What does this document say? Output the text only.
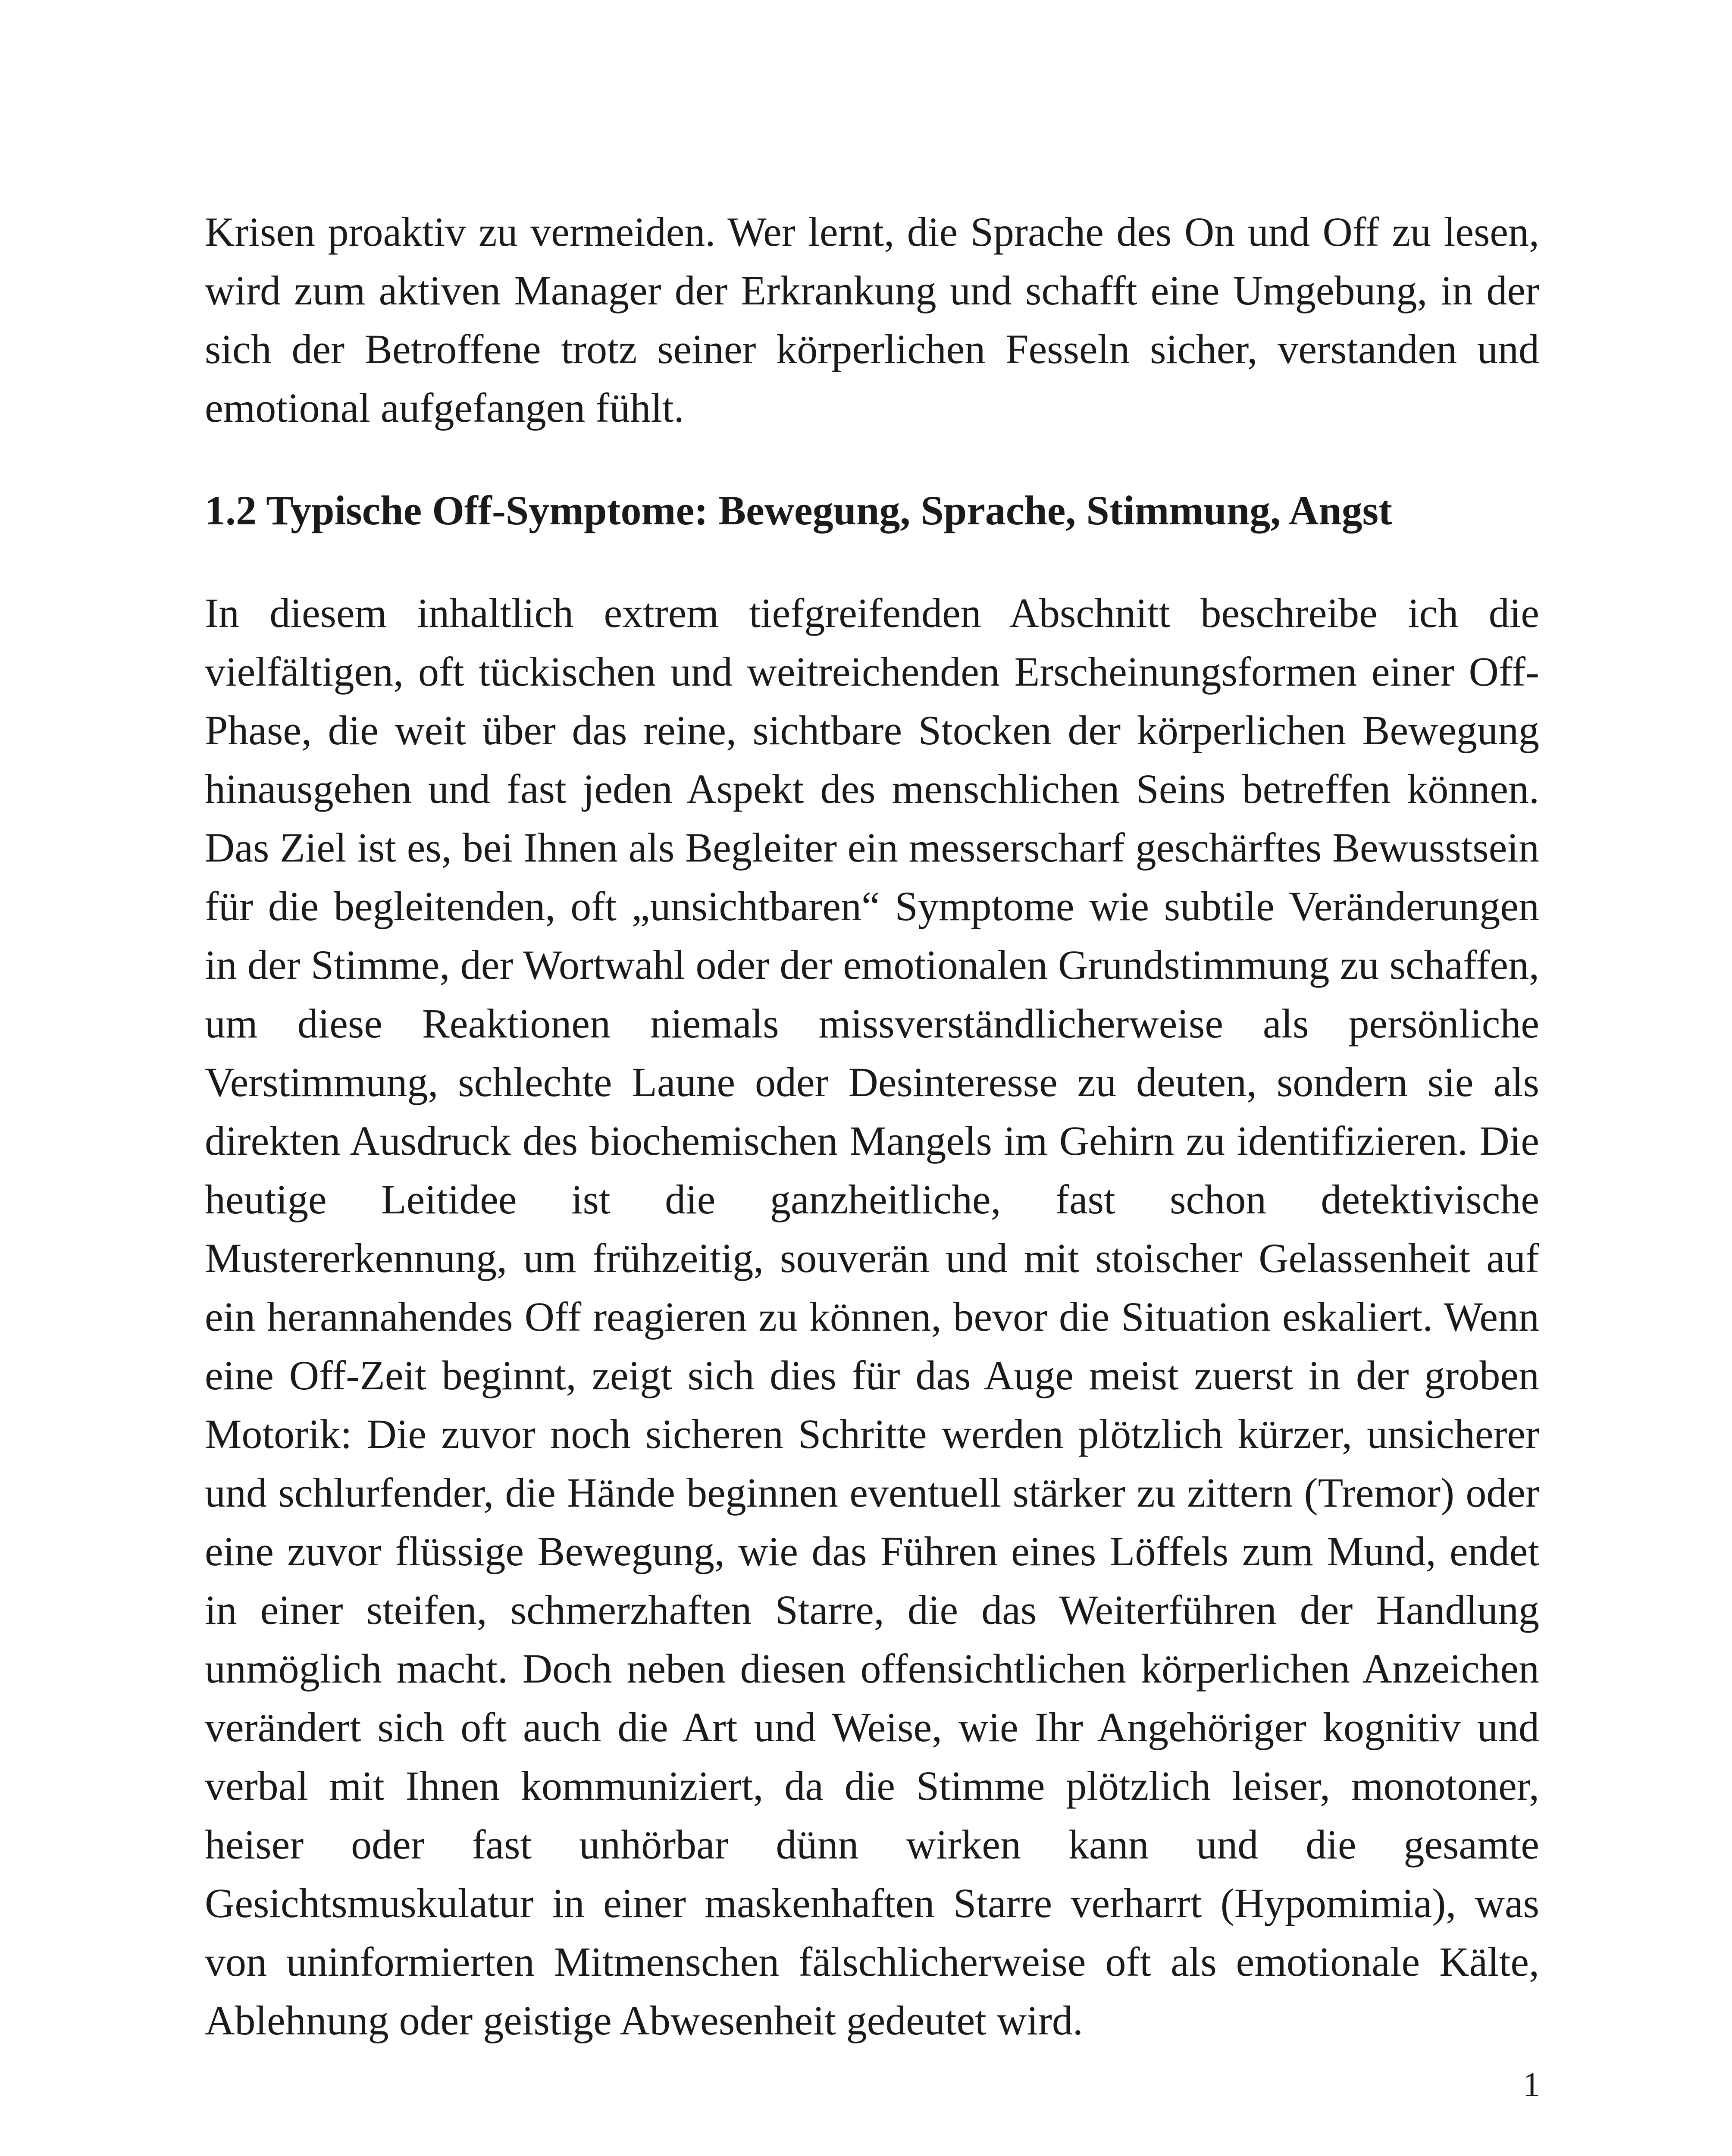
Krisen proaktiv zu vermeiden. Wer lernt, die Sprache des On und Off zu lesen, wird zum aktiven Manager der Erkrankung und schafft eine Umgebung, in der sich der Betroffene trotz seiner körperlichen Fesseln sicher, verstanden und emotional aufgefangen fühlt.

1.2 Typische Off-Symptome: Bewegung, Sprache, Stimmung, Angst

In diesem inhaltlich extrem tiefgreifenden Abschnitt beschreibe ich die vielfältigen, oft tückischen und weitreichenden Erscheinungsformen einer Off-Phase, die weit über das reine, sichtbare Stocken der körperlichen Bewegung hinausgehen und fast jeden Aspekt des menschlichen Seins betreffen können. Das Ziel ist es, bei Ihnen als Begleiter ein messerscharf geschärftes Bewusstsein für die begleitenden, oft „unsichtbaren“ Symptome wie subtile Veränderungen in der Stimme, der Wortwahl oder der emotionalen Grundstimmung zu schaffen, um diese Reaktionen niemals missverständlicherweise als persönliche Verstimmung, schlechte Laune oder Desinteresse zu deuten, sondern sie als direkten Ausdruck des biochemischen Mangels im Gehirn zu identifizieren. Die heutige Leitidee ist die ganzheitliche, fast schon detektivische Mustererkennung, um frühzeitig, souverän und mit stoischer Gelassenheit auf ein herannahendes Off reagieren zu können, bevor die Situation eskaliert. Wenn eine Off-Zeit beginnt, zeigt sich dies für das Auge meist zuerst in der groben Motorik: Die zuvor noch sicheren Schritte werden plötzlich kürzer, unsicherer und schlurfender, die Hände beginnen eventuell stärker zu zittern (Tremor) oder eine zuvor flüssige Bewegung, wie das Führen eines Löffels zum Mund, endet in einer steifen, schmerzhaften Starre, die das Weiterführen der Handlung unmöglich macht. Doch neben diesen offensichtlichen körperlichen Anzeichen verändert sich oft auch die Art und Weise, wie Ihr Angehöriger kognitiv und verbal mit Ihnen kommuniziert, da die Stimme plötzlich leiser, monotoner, heiser oder fast unhörbar dünn wirken kann und die gesamte Gesichtsmuskulatur in einer maskenhaften Starre verharrt (Hypomimia), was von uninformierten Mitmenschen fälschlicherweise oft als emotionale Kälte, Ablehnung oder geistige Abwesenheit gedeutet wird.

1
